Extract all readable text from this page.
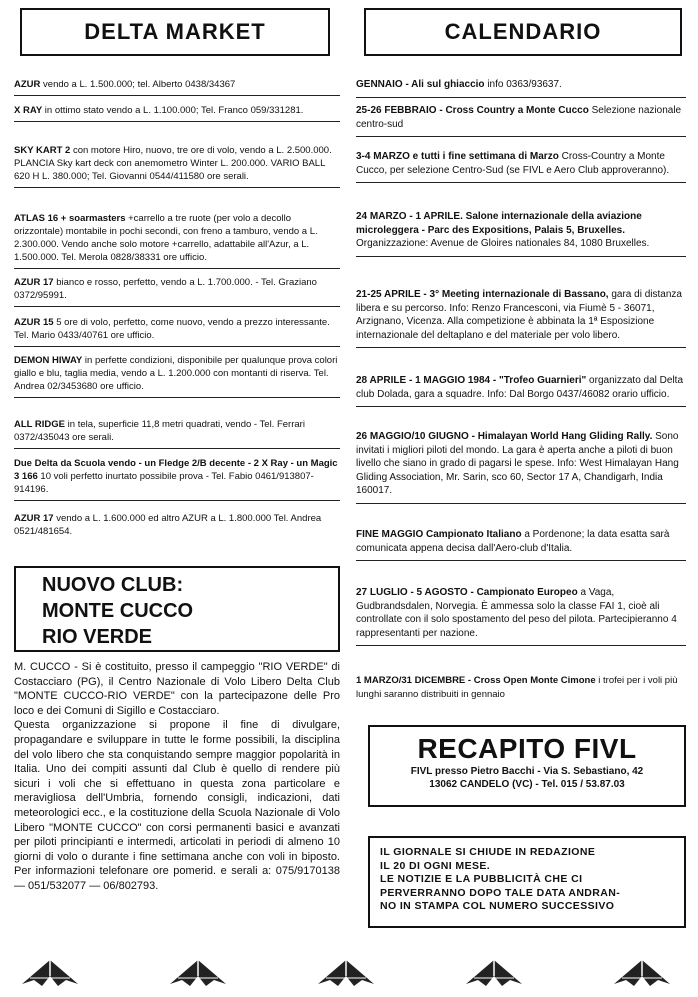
DELTA MARKET
AZUR vendo a L. 1.500.000; tel. Alberto 0438/34367
X RAY in ottimo stato vendo a L. 1.100.000; Tel. Franco 059/331281.
SKY KART 2 con motore Hiro, nuovo, tre ore di volo, vendo a L. 2.500.000. PLANCIA Sky kart deck con anemometro Winter L. 200.000. VARIO BALL 620 H L. 380.000; Tel. Giovanni 0544/411580 ore serali.
ATLAS 16 + soarmasters +carrello a tre ruote (per volo a decollo orizzontale) montabile in pochi secondi, con freno a tamburo, vendo a L. 2.300.000. Vendo anche solo motore +carrello, adattabile all'Azur, a L. 1.500.000. Tel. Merola 0828/38331 ore ufficio.
AZUR 17 bianco e rosso, perfetto, vendo a L. 1.700.000. - Tel. Graziano 0372/95991.
AZUR 15 5 ore di volo, perfetto, come nuovo, vendo a prezzo interessante. Tel. Mario 0433/40761 ore ufficio.
DEMON HIWAY in perfette condizioni, disponibile per qualunque prova colori giallo e blu, taglia media, vendo a L. 1.200.000 con montanti di riserva. Tel. Andrea 02/3453680 ore ufficio.
ALL RIDGE in tela, superficie 11,8 metri quadrati, vendo - Tel. Ferrari 0372/435043 ore serali.
Due Delta da Scuola vendo - un Fledge 2/B decente - 2 X Ray - un Magic 3 166 10 voli perfetto inurtato possibile prova - Tel. Fabio 0461/913807-914196.
AZUR 17 vendo a L. 1.600.000 ed altro AZUR a L. 1.800.000 Tel. Andrea 0521/481654.
NUOVO CLUB:
MONTE CUCCO
RIO VERDE
M. CUCCO - Si è costituito, presso il campeggio "RIO VERDE" di Costacciaro (PG), il Centro Nazionale di Volo Libero Delta Club "MONTE CUCCO-RIO VERDE" con la partecipazone delle Pro loco e dei Comuni di Sigillo e Costacciaro.
Questa organizzazione si propone il fine di divulgare, propagandare e sviluppare in tutte le forme possibili, la disciplina del volo libero che sta conquistando sempre maggior popolarità in Italia. Uno dei compiti assunti dal Club è quello di rendere più sicuri i voli che si effettuano in questa zona particolare e meravigliosa dell'Umbria, fornendo consigli, indicazioni, dati meteorologici ecc., e la costituzione della Scuola Nazionale di Volo Libero "MONTE CUCCO" con corsi permanenti basici e avanzati per piloti principianti e intermedi, articolati in periodi di almeno 10 giorni di volo o durante i fine settimana anche con voli in biposto. Per informazioni telefonare ore pomerid. e serali a: 075/9170138 — 051/532077 — 06/802793.
CALENDARIO
GENNAIO - Ali sul ghiaccio info 0363/93637.
25-26 FEBBRAIO - Cross Country a Monte Cucco Selezione nazionale centro-sud
3-4 MARZO e tutti i fine settimana di Marzo Cross-Country a Monte Cucco, per selezione Centro-Sud (se FIVL e Aero Club approveranno).
24 MARZO - 1 APRILE. Salone internazionale della aviazione microleggera - Parc des Expositions, Palais 5, Bruxelles. Organizzazione: Avenue de Gloires nationales 84, 1080 Bruxelles.
21-25 APRILE - 3° Meeting internazionale di Bassano, gara di distanza libera e su percorso. Info: Renzo Francesconi, via Fiumè 5 - 36071, Arzignano, Vicenza. Alla competizione è abbinata la 1ª Esposizione internazionale del deltaplano e del materiale per volo libero.
28 APRILE - 1 MAGGIO 1984 - "Trofeo Guarnieri" organizzato dal Delta club Dolada, gara a squadre. Info: Dal Borgo 0437/46082 orario ufficio.
26 MAGGIO/10 GIUGNO - Himalayan World Hang Gliding Rally. Sono invitati i migliori piloti del mondo. La gara è aperta anche a piloti di buon livello che siano in grado di pagarsi le spese. Info: West Himalayan Hang Gliding Association, Mr. Sarin, sco 60, Sector 17 A, Chandigarh, India 160017.
FINE MAGGIO Campionato Italiano a Pordenone; la data esatta sarà comunicata appena decisa dall'Aero-club d'Italia.
27 LUGLIO - 5 AGOSTO - Campionato Europeo a Vaga, Gudbrandsdalen, Norvegia. È ammessa solo la classe FAI 1, cioè ali controllate con il solo spostamento del peso del pilota. Partecipieranno 4 rappresentanti per nazione.
1 MARZO/31 DICEMBRE - Cross Open Monte Cimone i trofei per i voli più lunghi saranno distribuiti in gennaio
RECAPITO FIVL
FIVL presso Pietro Bacchi - Via S. Sebastiano, 42
13062 CANDELO (VC) - Tel. 015 / 53.87.03
IL GIORNALE SI CHIUDE IN REDAZIONE
IL 20 DI OGNI MESE.
LE NOTIZIE E LA PUBBLICITÀ CHE CI
PERVERRANNO DOPO TALE DATA ANDRAN-
NO IN STAMPA COL NUMERO SUCCESSIVO
